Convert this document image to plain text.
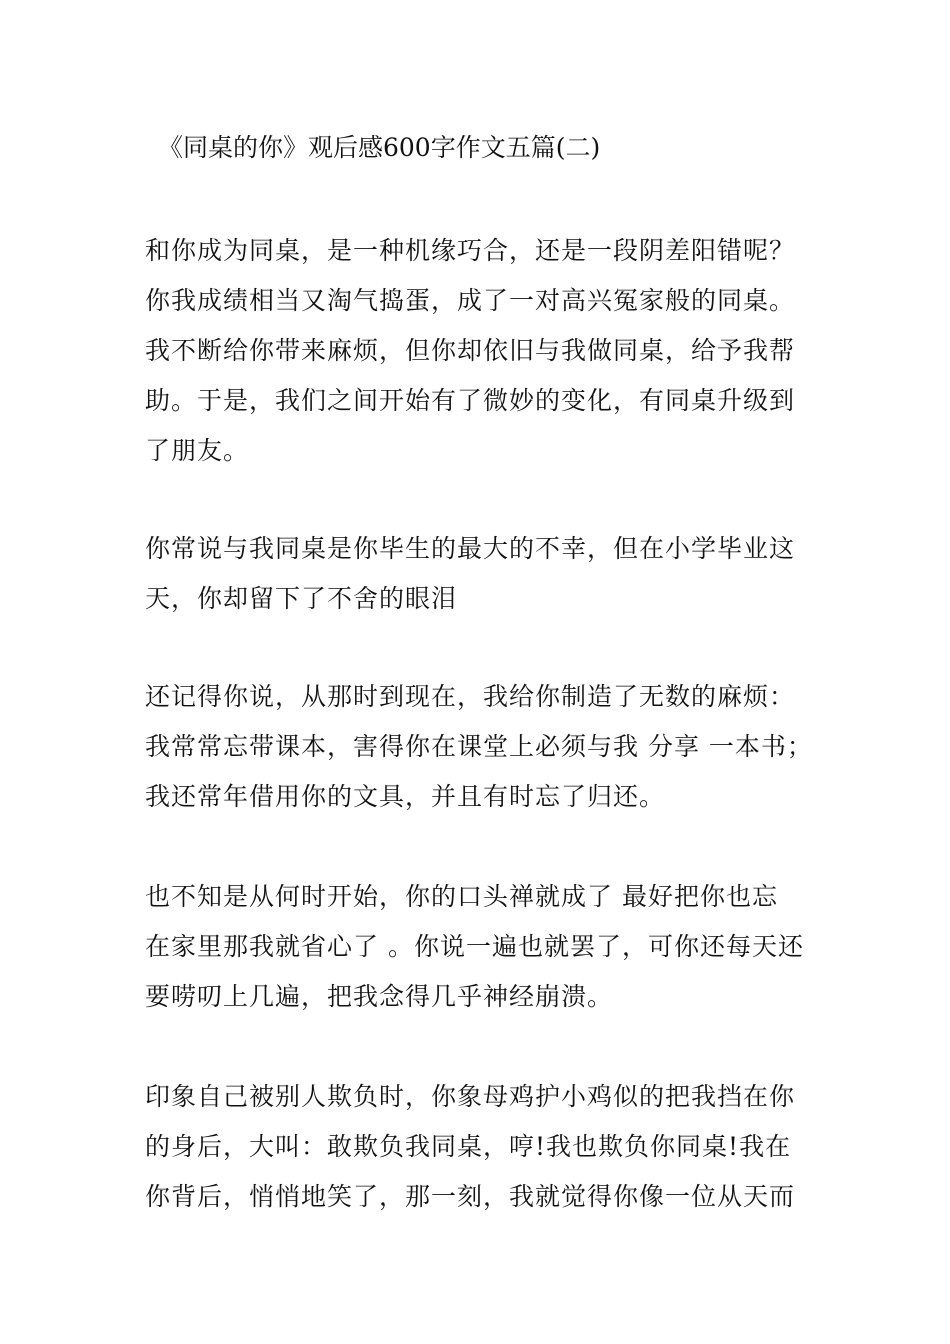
《同桌的你》观后感600字作文五篇(二)
和你成为同桌，是一种机缘巧合，还是一段阴差阳错呢？
你我成绩相当又淘气捣蛋，成了一对高兴冤家般的同桌。
我不断给你带来麻烦，但你却依旧与我做同桌，给予我帮
助。于是，我们之间开始有了微妙的变化，有同桌升级到
了朋友。
你常说与我同桌是你毕生的最大的不幸，但在小学毕业这
天，你却留下了不舍的眼泪
还记得你说，从那时到现在，我给你制造了无数的麻烦：
我常常忘带课本，害得你在课堂上必须与我 分享 一本书；
我还常年借用你的文具，并且有时忘了归还。
也不知是从何时开始，你的口头禅就成了 最好把你也忘
在家里那我就省心了 。你说一遍也就罢了，可你还每天还
要唠叨上几遍，把我念得几乎神经崩溃。
印象自己被别人欺负时，你象母鸡护小鸡似的把我挡在你
的身后，大叫：敢欺负我同桌，哼!我也欺负你同桌!我在
你背后，悄悄地笑了，那一刻，我就觉得你像一位从天而
